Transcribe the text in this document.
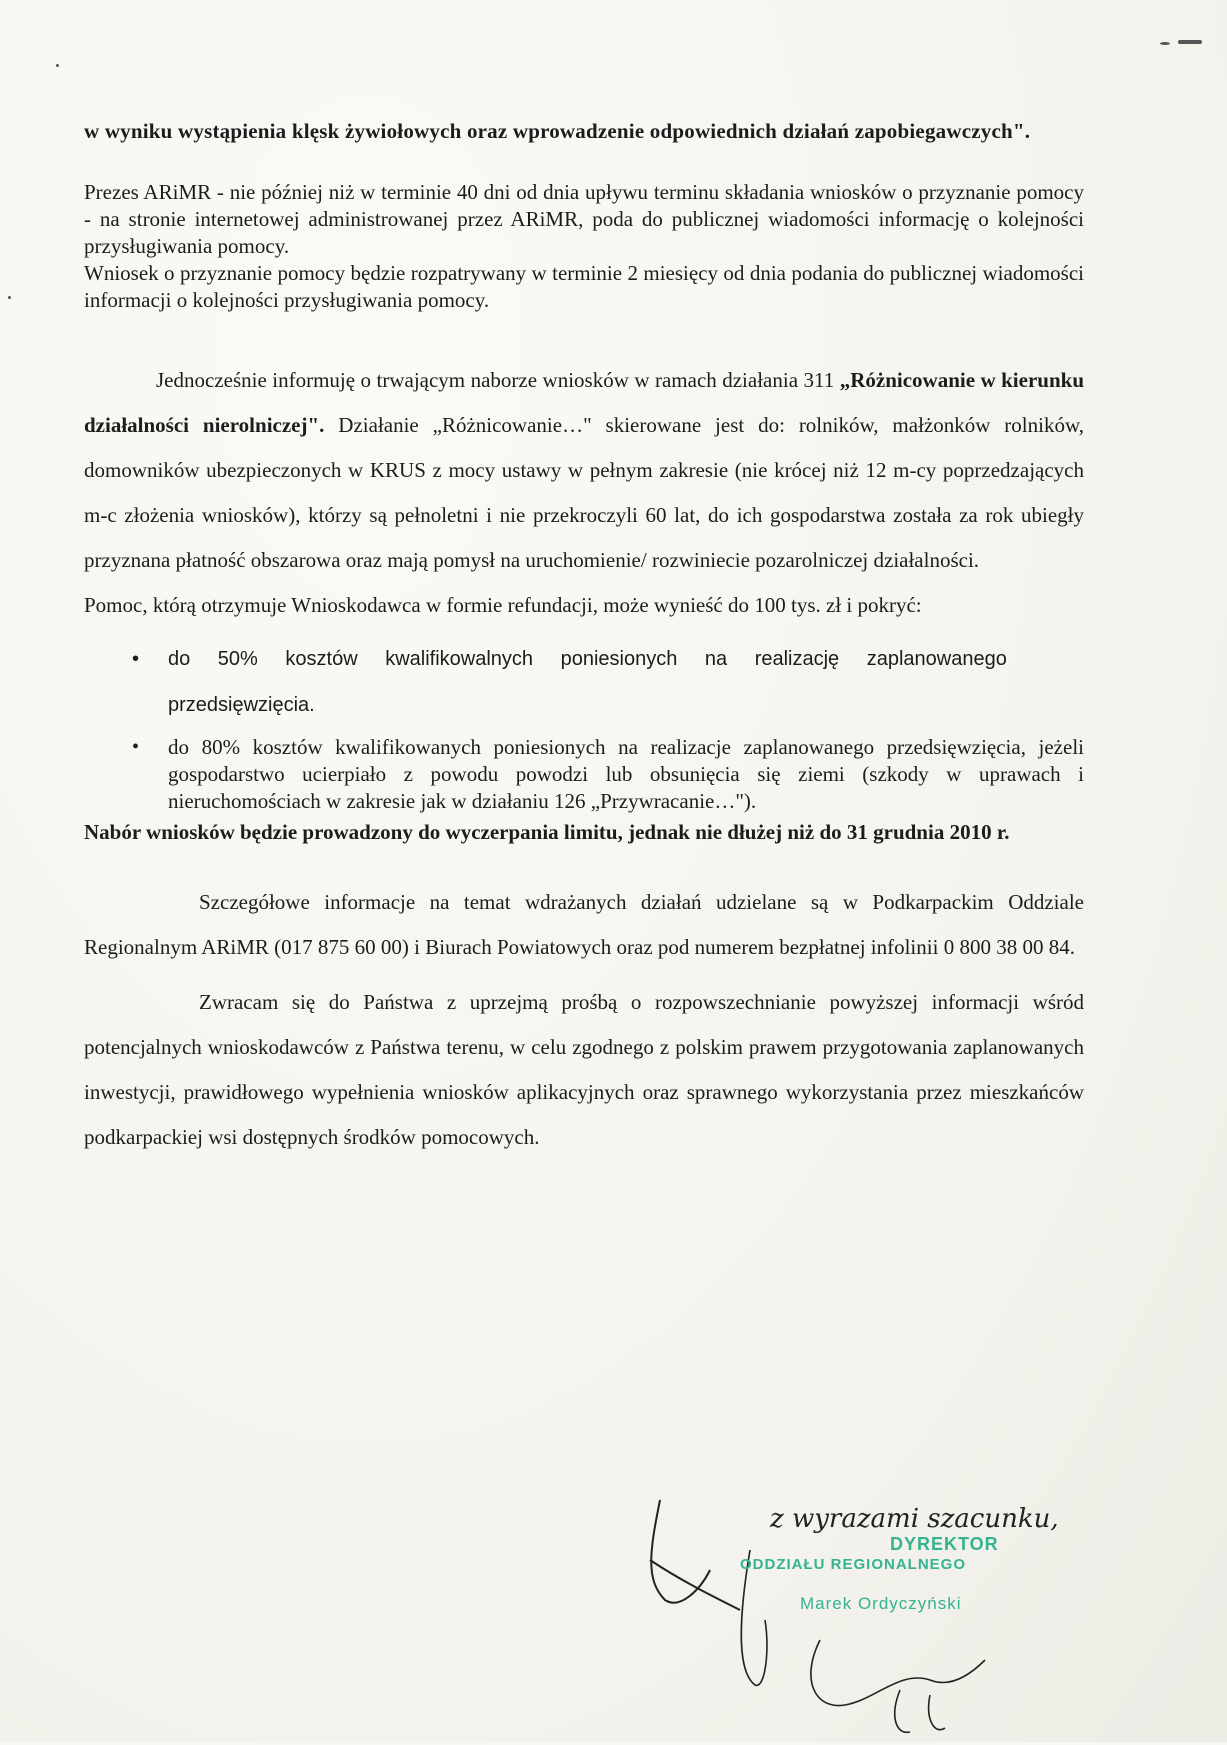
w wyniku wystąpienia klęsk żywiołowych oraz wprowadzenie odpowiednich działań zapobiegawczych".

Prezes ARiMR - nie później niż w terminie 40 dni od dnia upływu terminu składania wniosków o przyznanie pomocy - na stronie internetowej administrowanej przez ARiMR, poda do publicznej wiadomości informację o kolejności przysługiwania pomocy.

Wniosek o przyznanie pomocy będzie rozpatrywany w terminie 2 miesięcy od dnia podania do publicznej wiadomości informacji o kolejności przysługiwania pomocy.

Jednocześnie informuję o trwającym naborze wniosków w ramach działania 311 „Różnicowanie w kierunku działalności nierolniczej". Działanie „Różnicowanie…" skierowane jest do: rolników, małżonków rolników, domowników ubezpieczonych w KRUS z mocy ustawy w pełnym zakresie (nie krócej niż 12 m-cy poprzedzających m-c złożenia wniosków), którzy są pełnoletni i nie przekroczyli 60 lat, do ich gospodarstwa została za rok ubiegły przyznana płatność obszarowa oraz mają pomysł na uruchomienie/ rozwiniecie pozarolniczej działalności.

Pomoc, którą otrzymuje Wnioskodawca w formie refundacji, może wynieść do 100 tys. zł i pokryć:

• do 50% kosztów kwalifikowalnych poniesionych na realizację zaplanowanego przedsięwzięcia.
• do 80% kosztów kwalifikowanych poniesionych na realizacje zaplanowanego przedsięwzięcia, jeżeli gospodarstwo ucierpiało z powodu powodzi lub obsunięcia się ziemi (szkody w uprawach i nieruchomościach w zakresie jak w działaniu 126 „Przywracanie…").

Nabór wniosków będzie prowadzony do wyczerpania limitu, jednak nie dłużej niż do 31 grudnia 2010 r.

Szczegółowe informacje na temat wdrażanych działań udzielane są w Podkarpackim Oddziale Regionalnym ARiMR (017 875 60 00) i Biurach Powiatowych oraz pod numerem bezpłatnej infolinii 0 800 38 00 84.

Zwracam się do Państwa z uprzejmą prośbą o rozpowszechnianie powyższej informacji wśród potencjalnych wnioskodawców z Państwa terenu, w celu zgodnego z polskim prawem przygotowania zaplanowanych inwestycji, prawidłowego wypełnienia wniosków aplikacyjnych oraz sprawnego wykorzystania przez mieszkańców podkarpackiej wsi dostępnych środków pomocowych.

z wyrazami szacunku,
DYREKTOR
ODDZIAŁU REGIONALNEGO
Marek Ordyczyński
